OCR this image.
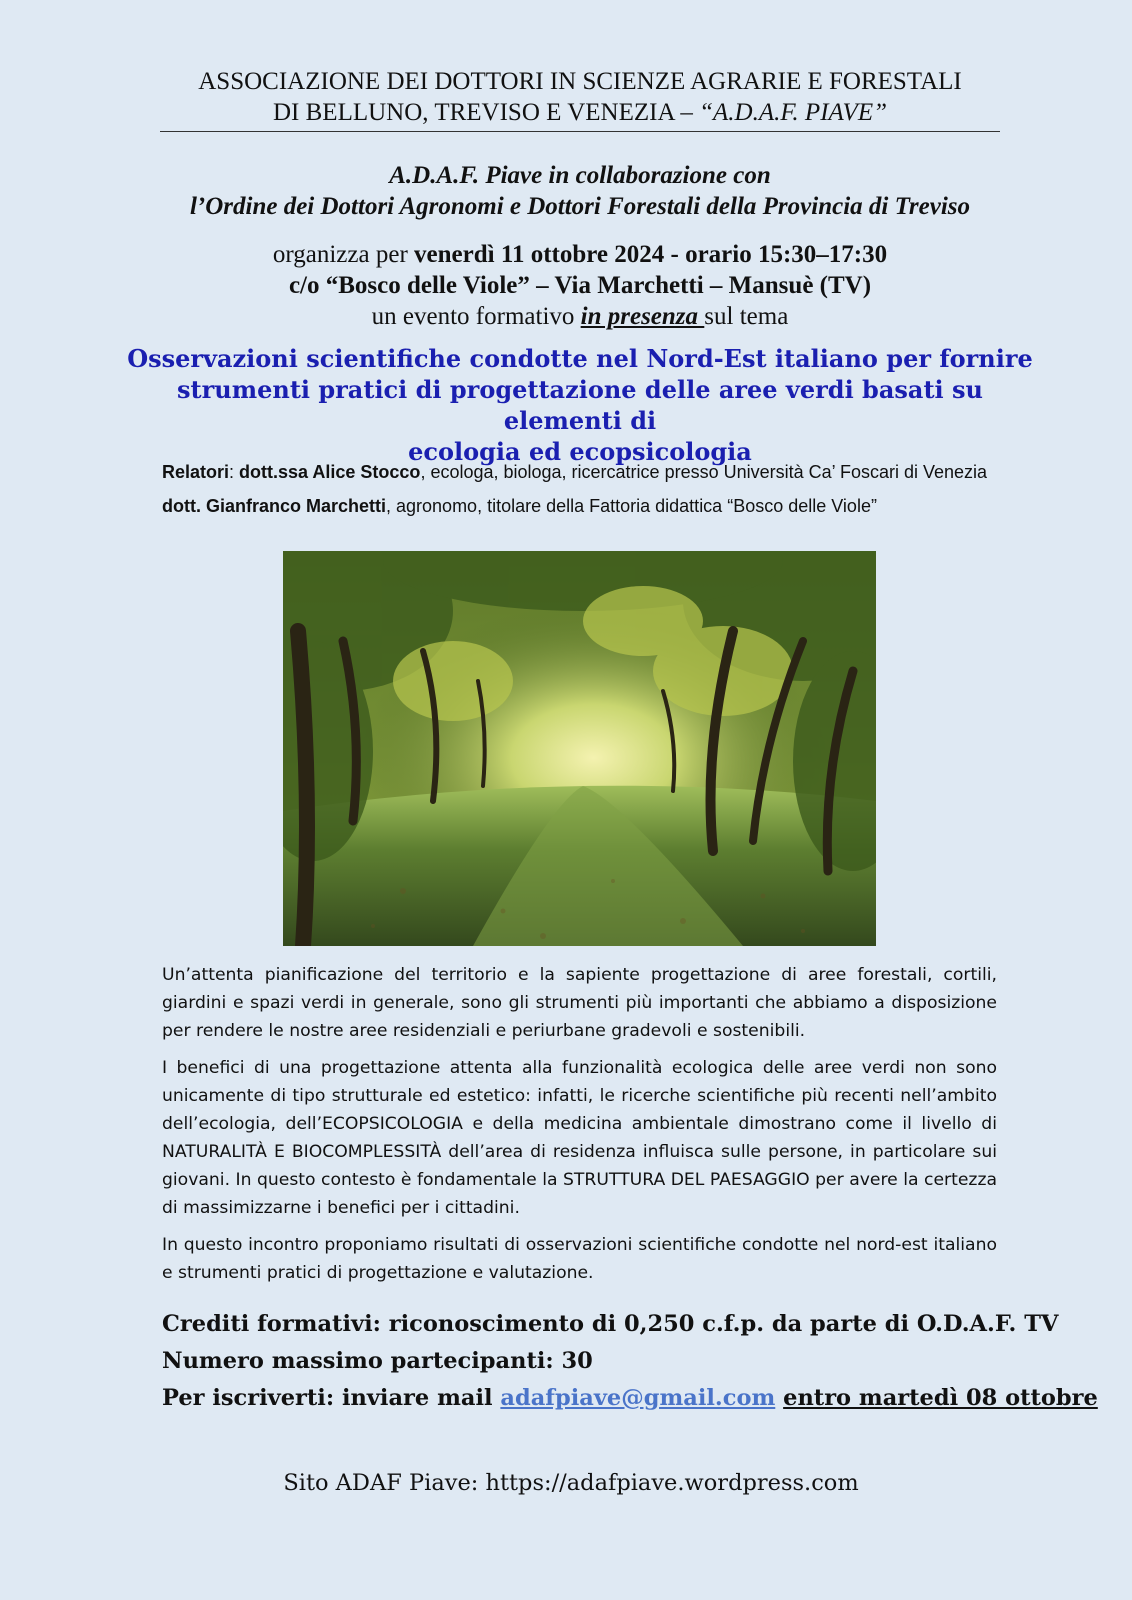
ASSOCIAZIONE DEI DOTTORI IN SCIENZE AGRARIE E FORESTALI
DI BELLUNO, TREVISO E VENEZIA – “A.D.A.F. PIAVE”
A.D.A.F. Piave in collaborazione con
l’Ordine dei Dottori Agronomi e Dottori Forestali della Provincia di Treviso
organizza per venerdì 11 ottobre 2024 - orario 15:30–17:30
c/o “Bosco delle Viole” – Via Marchetti – Mansuè (TV)
un evento formativo in presenza sul tema
Osservazioni scientifiche condotte nel Nord-Est italiano per fornire
strumenti pratici di progettazione delle aree verdi basati su elementi di
ecologia ed ecopsicologia

Relatori: dott.ssa Alice Stocco, ecologa, biologa, ricercatrice presso Università Ca’ Foscari di Venezia

dott. Gianfranco Marchetti, agronomo, titolare della Fattoria didattica “Bosco delle Viole”

Un’attenta pianificazione del territorio e la sapiente progettazione di aree forestali, cortili, giardini e spazi verdi in generale, sono gli strumenti più importanti che abbiamo a disposizione per rendere le nostre aree residenziali e periurbane gradevoli e sostenibili.

I benefici di una progettazione attenta alla funzionalità ecologica delle aree verdi non sono unicamente di tipo strutturale ed estetico: infatti, le ricerche scientifiche più recenti nell’ambito dell’ecologia, dell’ECOPSICOLOGIA e della medicina ambientale dimostrano come il livello di NATURALITÀ E BIOCOMPLESSITÀ dell’area di residenza influisca sulle persone, in particolare sui giovani. In questo contesto è fondamentale la STRUTTURA DEL PAESAGGIO per avere la certezza di massimizzarne i benefici per i cittadini.

In questo incontro proponiamo risultati di osservazioni scientifiche condotte nel nord-est italiano e strumenti pratici di progettazione e valutazione.

Crediti formativi: riconoscimento di 0,250 c.f.p. da parte di O.D.A.F. TV
Numero massimo partecipanti: 30
Per iscriverti: inviare mail adafpiave@gmail.com entro martedì 08 ottobre
Sito ADAF Piave: https://adafpiave.wordpress.com
